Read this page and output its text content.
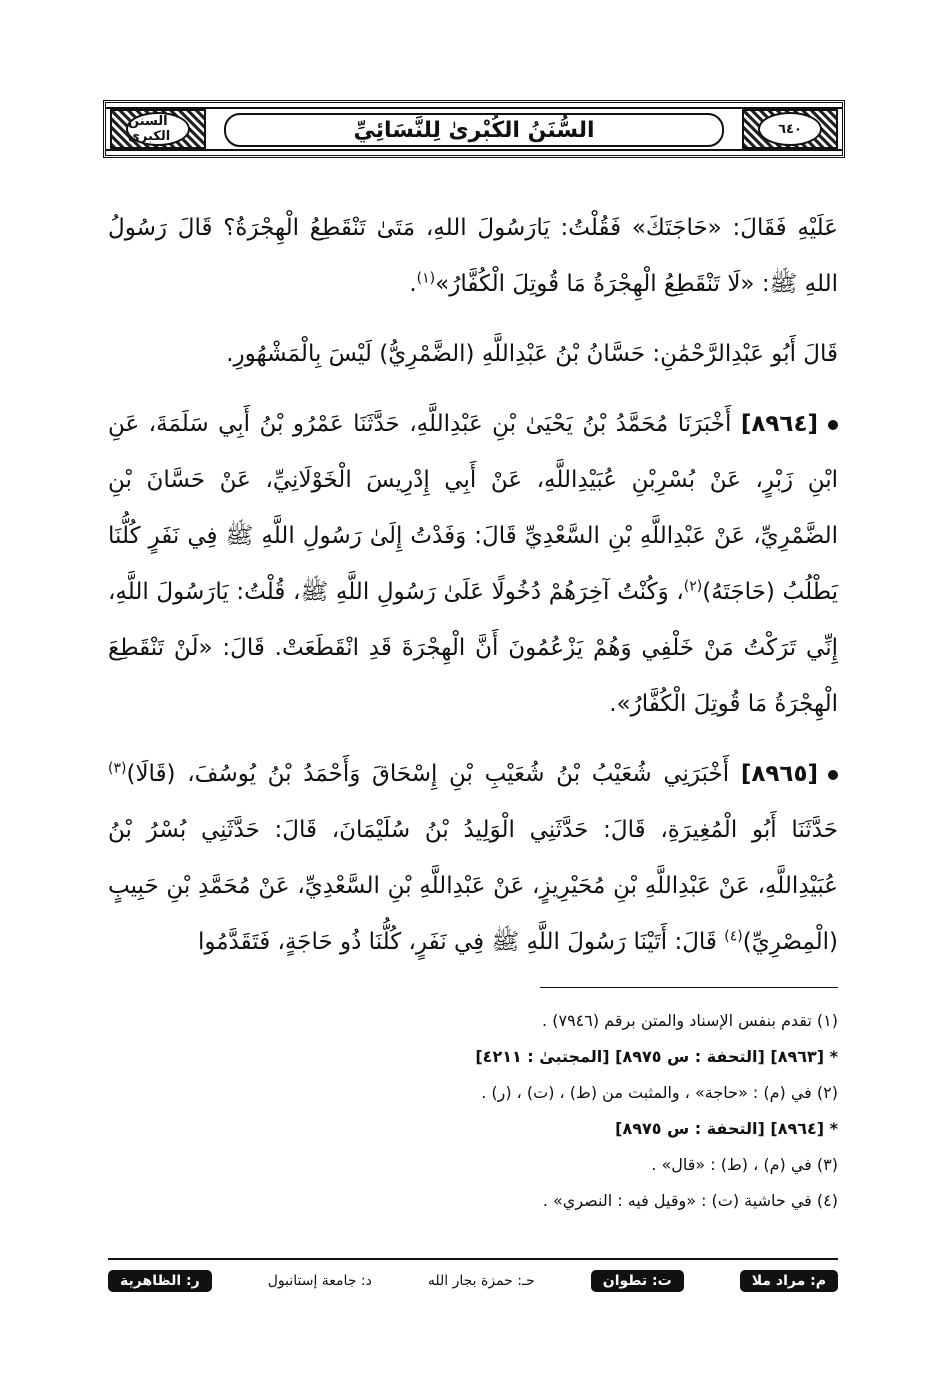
السنن الكبرى	السُّنَنُ الكُبْرىٰ لِلنَّسَائِيِّ	٦٤٠

عَلَيْهِ فَقَالَ: «حَاجَتَكَ» فَقُلْتُ: يَارَسُولَ اللهِ، مَتَىٰ تَنْقَطِعُ الْهِجْرَةُ؟ قَالَ رَسُولُ اللهِ ﷺ: «لَا تَنْقَطِعُ الْهِجْرَةُ مَا قُوتِلَ الْكُفَّارُ»$^{(١)}$.

قَالَ أَبُو عَبْدِالرَّحْمَٰنِ: حَسَّانُ بْنُ عَبْدِاللَّهِ (الضَّمْرِيُّ) لَيْسَ بِالْمَشْهُورِ.

[٨٩٦٤] أَخْبَرَنَا مُحَمَّدُ بْنُ يَحْيَىٰ بْنِ عَبْدِاللَّهِ، حَدَّثَنَا عَمْرُو بْنُ أَبِي سَلَمَةَ، عَنِ ابْنِ زَبْرٍ، عَنْ بُسْرِبْنِ عُبَيْدِاللَّهِ، عَنْ أَبِي إِدْرِيسَ الْخَوْلَانِيِّ، عَنْ حَسَّانَ بْنِ الضَّمْرِيِّ، عَنْ عَبْدِاللَّهِ بْنِ السَّعْدِيِّ قَالَ: وَفَدْتُ إِلَىٰ رَسُولِ اللَّهِ ﷺ فِي نَفَرٍ كُلُّنَا يَطْلُبُ (حَاجَتَهُ)$^{(٢)}$، وَكُنْتُ آخِرَهُمْ دُخُولًا عَلَىٰ رَسُولِ اللَّهِ ﷺ، قُلْتُ: يَارَسُولَ اللَّهِ، إِنِّي تَرَكْتُ مَنْ خَلْفِي وَهُمْ يَزْعُمُونَ أَنَّ الْهِجْرَةَ قَدِ انْقَطَعَتْ. قَالَ: «لَنْ تَنْقَطِعَ الْهِجْرَةُ مَا قُوتِلَ الْكُفَّارُ».

[٨٩٦٥] أَخْبَرَنِي شُعَيْبُ بْنُ شُعَيْبِ بْنِ إِسْحَاقَ وَأَحْمَدُ بْنُ يُوسُفَ، (قَالَا)$^{(٣)}$ حَدَّثَنَا أَبُو الْمُغِيرَةِ، قَالَ: حَدَّثَنِي الْوَلِيدُ بْنُ سُلَيْمَانَ، قَالَ: حَدَّثَنِي بُسْرُ بْنُ عُبَيْدِاللَّهِ، عَنْ عَبْدِاللَّهِ بْنِ مُحَيْرِيزٍ، عَنْ عَبْدِاللَّهِ بْنِ السَّعْدِيِّ، عَنْ مُحَمَّدِ بْنِ حَبِيبٍ (الْمِصْرِيِّ)$^{(٤)}$ قَالَ: أَتَيْنَا رَسُولَ اللَّهِ ﷺ فِي نَفَرٍ، كُلُّنَا ذُو حَاجَةٍ، فَتَقَدَّمُوا

(١) تقدم بنفس الإسناد والمتن برقم (٧٩٤٦) .

* [٨٩٦٣] [التحفة : س ٨٩٧٥] [المجتبىٰ : ٤٢١١]

(٢) في (م) : «حاجة» ، والمثبت من (ط) ، (ت) ، (ر) .

* [٨٩٦٤] [التحفة : س ٨٩٧٥]

(٣) في (م) ، (ط) : «قال» .

(٤) في حاشية (ت) : «وقيل فيه : النصري» .

م: مراد ملا
ت: تطوان
حـ: حمزة بجار الله
د: جامعة إستانبول
ر: الظاهرية
